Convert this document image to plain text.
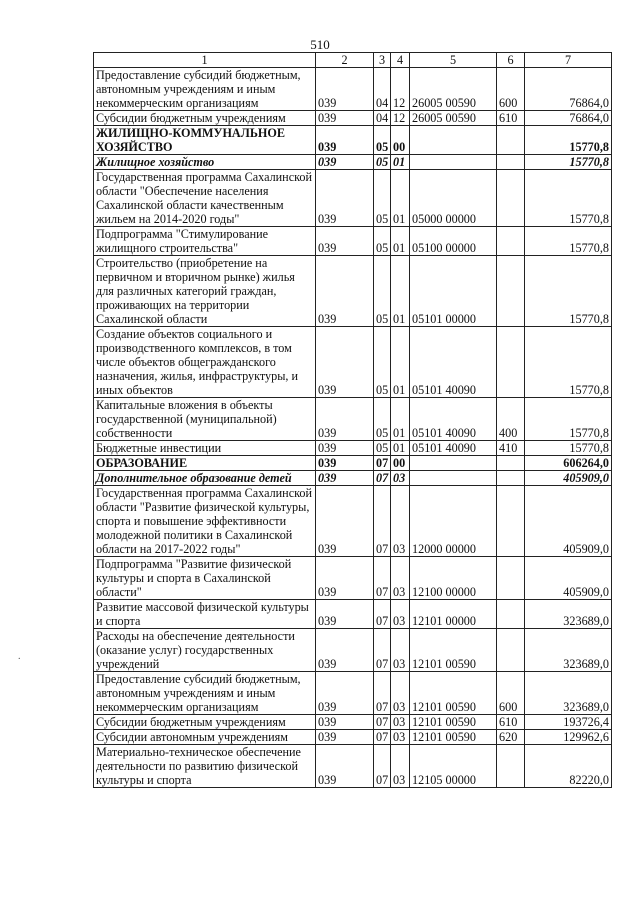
510
.
1	2	3	4	5	6	7
Предоставление субсидий бюджетным, автономным учреждениям и иным некоммерческим организациям	039	04	12	26005 00590	600	76864,0
Субсидии бюджетным учреждениям	039	04	12	26005 00590	610	76864,0
ЖИЛИЩНО-КОММУНАЛЬНОЕ ХОЗЯЙСТВО	039	05	00			15770,8
Жилищное хозяйство	039	05	01			15770,8
Государственная программа Сахалинской области "Обеспечение населения Сахалинской области качественным жильем на 2014-2020 годы"	039	05	01	05000 00000		15770,8
Подпрограмма "Стимулирование жилищного строительства"	039	05	01	05100 00000		15770,8
Строительство (приобретение на первичном и вторичном рынке) жилья для различных категорий граждан, проживающих на территории Сахалинской области	039	05	01	05101 00000		15770,8
Создание объектов социального и производственного комплексов, в том числе объектов общегражданского назначения, жилья, инфраструктуры, и иных объектов	039	05	01	05101 40090		15770,8
Капитальные вложения в объекты государственной (муниципальной) собственности	039	05	01	05101 40090	400	15770,8
Бюджетные инвестиции	039	05	01	05101 40090	410	15770,8
ОБРАЗОВАНИЕ	039	07	00			606264,0
Дополнительное образование детей	039	07	03			405909,0
Государственная программа Сахалинской области "Развитие физической культуры, спорта и повышение эффективности молодежной политики в Сахалинской области на 2017-2022 годы"	039	07	03	12000 00000		405909,0
Подпрограмма "Развитие физической культуры и спорта в Сахалинской области"	039	07	03	12100 00000		405909,0
Развитие массовой физической культуры и спорта	039	07	03	12101 00000		323689,0
Расходы на обеспечение деятельности (оказание услуг) государственных учреждений	039	07	03	12101 00590		323689,0
Предоставление субсидий бюджетным, автономным учреждениям и иным некоммерческим организациям	039	07	03	12101 00590	600	323689,0
Субсидии бюджетным учреждениям	039	07	03	12101 00590	610	193726,4
Субсидии автономным учреждениям	039	07	03	12101 00590	620	129962,6
Материально-техническое обеспечение деятельности по развитию физической культуры и спорта	039	07	03	12105 00000		82220,0
